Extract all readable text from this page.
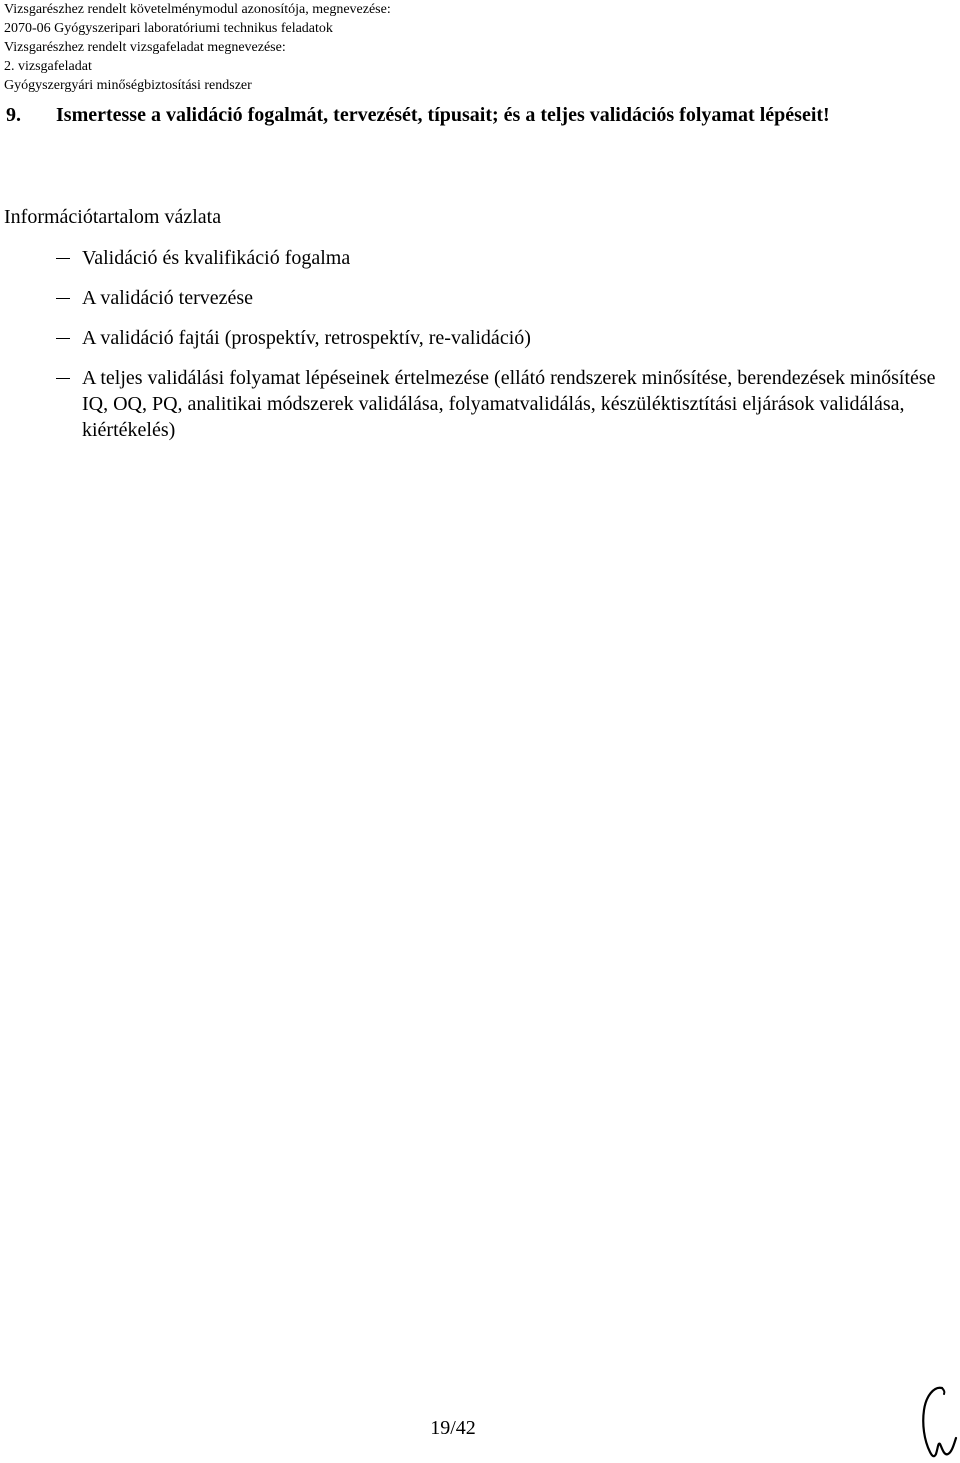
Vizsgarészhez rendelt követelménymodul azonosítója, megnevezése:
2070-06 Gyógyszeripari laboratóriumi technikus feladatok
Vizsgarészhez rendelt vizsgafeladat megnevezése:
2. vizsgafeladat
Gyógyszergyári minőségbiztosítási rendszer
9. Ismertesse a validáció fogalmát, tervezését, típusait; és a teljes validációs folyamat lépéseit!
Információtartalom vázlata
Validáció és kvalifikáció fogalma
A validáció tervezése
A validáció fajtái (prospektív, retrospektív, re-validáció)
A teljes validálási folyamat lépéseinek értelmezése (ellátó rendszerek minősítése, berendezések minősítése IQ, OQ, PQ, analitikai módszerek validálása, folyamatvalidálás, készüléktisztítási eljárások validálása, kiértékelés)
19/42
